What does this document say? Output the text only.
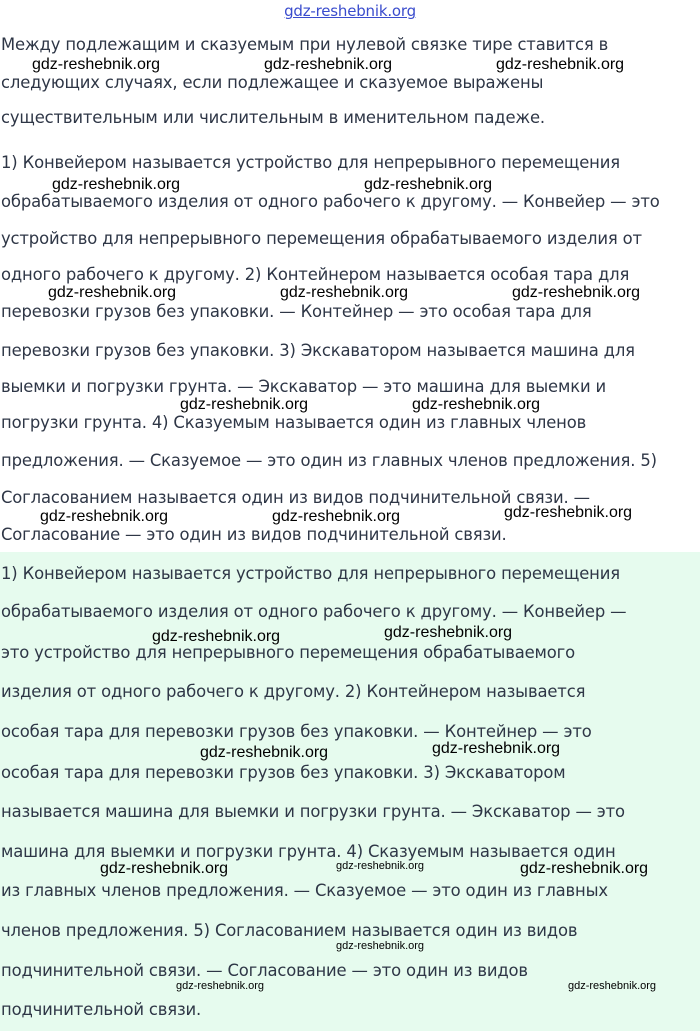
gdz-reshebnik.org
Между подлежащим и сказуемым при нулевой связке тире ставится в
следующих случаях, если подлежащее и сказуемое выражены
существительным или числительным в именительном падеже.
1) Конвейером называется устройство для непрерывного перемещения
обрабатываемого изделия от одного рабочего к другому. — Конвейер — это
устройство для непрерывного перемещения обрабатываемого изделия от
одного рабочего к другому. 2) Контейнером называется особая тара для
перевозки грузов без упаковки. — Контейнер — это особая тара для
перевозки грузов без упаковки. 3) Экскаватором называется машина для
выемки и погрузки грунта. — Экскаватор — это машина для выемки и
погрузки грунта. 4) Сказуемым называется один из главных членов
предложения. — Сказуемое — это один из главных членов предложения. 5)
Согласованием называется один из видов подчинительной связи. —
Согласование — это один из видов подчинительной связи.
1) Конвейером называется устройство для непрерывного перемещения
обрабатываемого изделия от одного рабочего к другому. — Конвейер —
это устройство для непрерывного перемещения обрабатываемого
изделия от одного рабочего к другому. 2) Контейнером называется
особая тара для перевозки грузов без упаковки. — Контейнер — это
особая тара для перевозки грузов без упаковки. 3) Экскаватором
называется машина для выемки и погрузки грунта. — Экскаватор — это
машина для выемки и погрузки грунта. 4) Сказуемым называется один
из главных членов предложения. — Сказуемое — это один из главных
членов предложения. 5) Согласованием называется один из видов
подчинительной связи. — Согласование — это один из видов
подчинительной связи.
gdz-reshebnik.org	gdz-reshebnik.org	gdz-reshebnik.org
gdz-reshebnik.org	gdz-reshebnik.org
gdz-reshebnik.org	gdz-reshebnik.org	gdz-reshebnik.org
gdz-reshebnik.org	gdz-reshebnik.org
gdz-reshebnik.org	gdz-reshebnik.org	gdz-reshebnik.org
gdz-reshebnik.org	gdz-reshebnik.org
gdz-reshebnik.org	gdz-reshebnik.org
gdz-reshebnik.org	gdz-reshebnik.org	gdz-reshebnik.org
gdz-reshebnik.org
gdz-reshebnik.org	gdz-reshebnik.org
